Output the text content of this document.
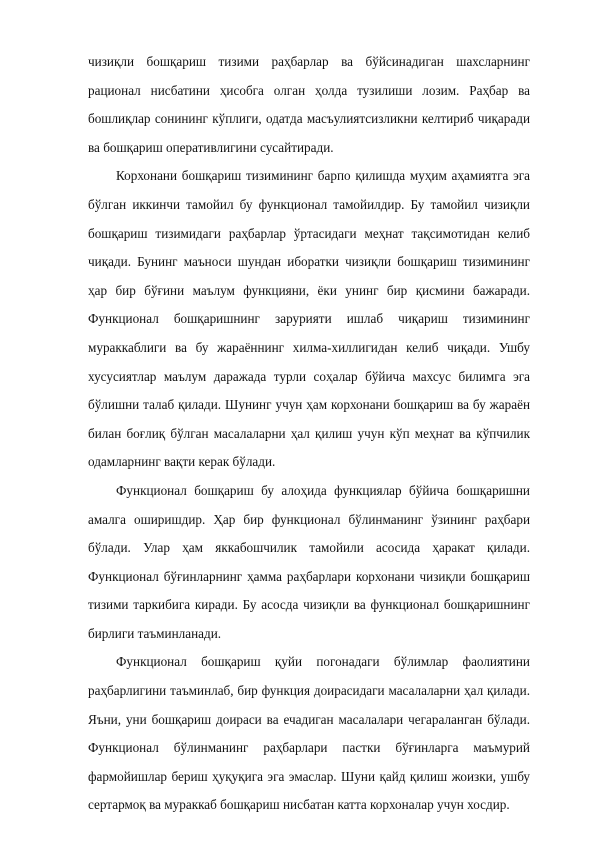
чизиқли бошқариш тизими раҳбарлар ва бўйсинадиган шахсларнинг рационал нисбатини ҳисобга олган ҳолда тузилиши лозим. Раҳбар ва бошлиқлар сонининг кўплиги, одатда масъулиятсизликни келтириб чиқаради ва бошқариш оперативлигини сусайтиради.

Корхонани бошқариш тизимининг барпо қилишда муҳим аҳамиятга эга бўлган иккинчи тамойил бу функционал тамойилдир. Бу тамойил чизиқли бошқариш тизимидаги раҳбарлар ўртасидаги меҳнат тақсимотидан келиб чиқади. Бунинг маъноси шундан иборатки чизиқли бошқариш тизимининг ҳар бир бўғини маълум функцияни, ёки унинг бир қисмини бажаради. Функционал бошқаришнинг зарурияти ишлаб чиқариш тизимининг мураккаблиги ва бу жараённинг хилма-хиллигидан келиб чиқади. Ушбу хусусиятлар маълум даражада турли соҳалар бўйича махсус билимга эга бўлишни талаб қилади. Шунинг учун ҳам корхонани бошқариш ва бу жараён билан боғлиқ бўлган масалаларни ҳал қилиш учун кўп меҳнат ва кўпчилик одамларнинг вақти керак бўлади.

Функционал бошқариш бу алоҳида функциялар бўйича бошқаришни амалга оширишдир. Ҳар бир функционал бўлинманинг ўзининг раҳбари бўлади. Улар ҳам яккабошчилик тамойили асосида ҳаракат қилади. Функционал бўғинларнинг ҳамма раҳбарлари корхонани чизиқли бошқариш тизими таркибига киради. Бу асосда чизиқли ва функционал бошқаришнинг бирлиги таъминланади.

Функционал бошқариш қуйи погонадаги бўлимлар фаолиятини раҳбарлигини таъминлаб, бир функция доирасидаги масалаларни ҳал қилади. Яъни, уни бошқариш доираси ва ечадиган масалалари чегараланган бўлади. Функционал бўлинманинг раҳбарлари пастки бўғинларга маъмурий фармойишлар бериш ҳуқуқига эга эмаслар. Шуни қайд қилиш жоизки, ушбу сертармоқ ва мураккаб бошқариш нисбатан катта корхоналар учун хосдир.
